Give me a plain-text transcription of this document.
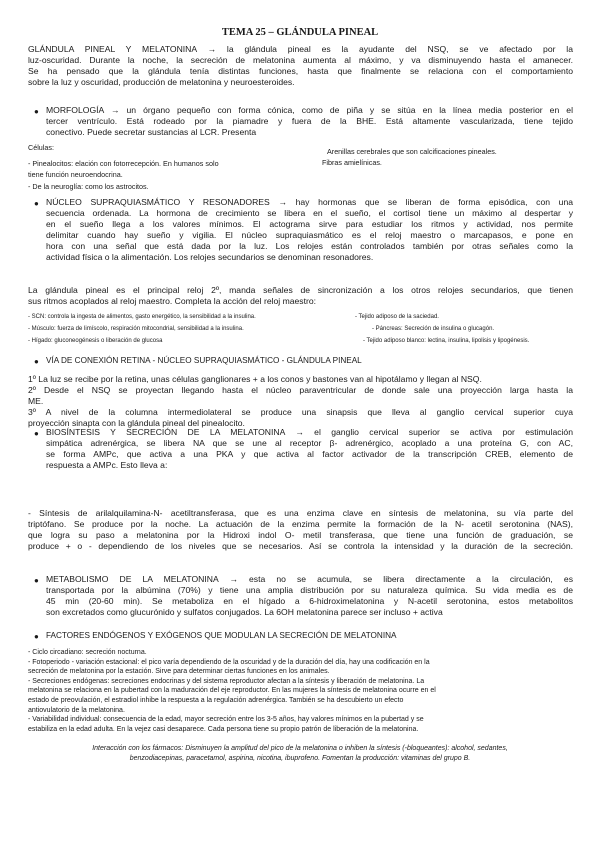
TEMA 25 – GLÁNDULA PINEAL
GLÁNDULA PINEAL Y MELATONINA → la glándula pineal es la ayudante del NSQ, se ve afectado por la
luz-oscuridad. Durante la noche, la secreción de melatonina aumenta al máximo, y va disminuyendo hasta el amanecer.
Se ha pensado que la glándula tenía distintas funciones, hasta que finalmente se relaciona con el comportamiento
sobre la luz y oscuridad, producción de melatonina y neuroesteroides.
● MORFOLOGÍA → un órgano pequeño con forma cónica, como de piña y se sitúa en la línea media posterior en el
tercer ventrículo. Está rodeado por la piamadre y fuera de la BHE. Está altamente vascularizada, tiene tejido
conectivo. Puede secretar sustancias al LCR. Presenta
Células:	Arenillas cerebrales que son calcificaciones pineales.
- Pinealocitos: elación con fotorrecepción. En humanos solo	Fibras amielínicas.
tiene función neuroendocrina.
- De la neuroglía: como los astrocitos.
● NÚCLEO SUPRAQUIASMÁTICO Y RESONADORES → hay hormonas que se liberan de forma episódica, con una
secuencia ordenada. La hormona de crecimiento se libera en el sueño, el cortisol tiene un máximo al despertar y
en el sueño llega a los valores mínimos. El actograma sirve para estudiar los ritmos y actividad, nos permite
delimitar cuando hay sueño y vigilia. El núcleo supraquiasmático es el reloj maestro o marcapasos, e pone en
hora con una señal que está dada por la luz. Los relojes están controlados también por otras señales como la
actividad física o la alimentación. Los relojes secundarios se denominan resonadores.
La glándula pineal es el principal reloj 2º, manda señales de sincronización a los otros relojes secundarios, que tienen
sus ritmos acoplados al reloj maestro. Completa la acción del reloj maestro:
- SCN: controla la ingesta de alimentos, gasto energético, la sensibilidad a la insulina.
- Músculo: fuerza de limíscolo, respiración mitocondrial, sensibilidad a la insulina.
- Hígado: gluconeogénesis o liberación de glucosa
- Tejido adiposo de la saciedad.
- Páncreas: Secreción de insulina o glucagón.
- Tejido adiposo blanco: lectina, insulina, lipolisis y lipogénesis.
● VÍA DE CONEXIÓN RETINA - NÚCLEO SUPRAQUIASMÁTICO - GLÁNDULA PINEAL
1º La luz se recibe por la retina, unas células ganglionares + a los conos y bastones van al hipotálamo y llegan al NSQ.
2º Desde el NSQ se proyectan llegando hasta el núcleo paraventricular de donde sale una proyección larga hasta la
ME.
3º A nivel de la columna intermediolateral se produce una sinapsis que lleva al ganglio cervical superior cuya
proyección sinapta con la glándula pineal del pinealocito.
● BIOSÍNTESIS Y SECRECIÓN DE LA MELATONINA → el ganglio cervical superior se activa por estimulación
simpática adrenérgica, se libera NA que se une al receptor β- adrenérgico, acoplado a una proteína G, con AC,
se forma AMPc, que activa a una PKA y que activa al factor activador de la transcripción CREB, elemento de
respuesta a AMPc. Esto lleva a:
- Síntesis de arilalquilamina-N- acetiltransferasa, que es una enzima clave en síntesis de melatonina, su vía parte del
triptófano. Se produce por la noche. La actuación de la enzima permite la formación de la N- acetil serotonina (NAS),
que logra su paso a melatonina por la Hidroxi indol O- metil transferasa, que tiene una función de graduación, se
produce + o - dependiendo de los niveles que se necesarios. Así se controla la intensidad y la duración de la secreción.
● METABOLISMO DE LA MELATONINA → esta no se acumula, se libera directamente a la circulación, es
transportada por la albúmina (70%) y tiene una amplia distribución por su naturaleza química. Su vida media es de
45 min (20-60 min). Se metaboliza en el hígado a 6-hidroximelatonina y N-acetil serotonina, estos metabolitos
son excretados como glucurónido y sulfatos conjugados. La 6OH melatonina parece ser incluso + activa
● FACTORES ENDÓGENOS Y EXÓGENOS QUE MODULAN LA SECRECIÓN DE MELATONINA
- Ciclo circadiano: secreción nocturna.
- Fotoperiodo - variación estacional: el pico varía dependiendo de la oscuridad y de la duración del día, hay una codificación en la
secreción de melatonina por la estación. Sirve para determinar ciertas funciones en los animales.
- Secreciones endógenas: secreciones endocrinas y del sistema reproductor afectan a la síntesis y liberación de melatonina. La
melatonina se relaciona en la pubertad con la maduración del eje reproductor. En las mujeres la síntesis de melatonina ocurre en el
estado de preovulación, el estradiol inhibe la respuesta a la regulación adrenérgica. También se ha descubierto un efecto
antiovulatorio de la melatonina.
- Variabilidad individual: consecuencia de la edad, mayor secreción entre los 3-5 años, hay valores mínimos en la pubertad y se
estabiliza en la edad adulta. En la vejez casi desaparece. Cada persona tiene su propio patrón de liberación de la melatonina.
Interacción con los fármacos: Disminuyen la amplitud del pico de la melatonina o inhiben la síntesis (-bloqueantes): alcohol, sedantes,
benzodiacepinas, paracetamol, aspirina, nicotina, ibuprofeno. Fomentan la producción: vitaminas del grupo B.
